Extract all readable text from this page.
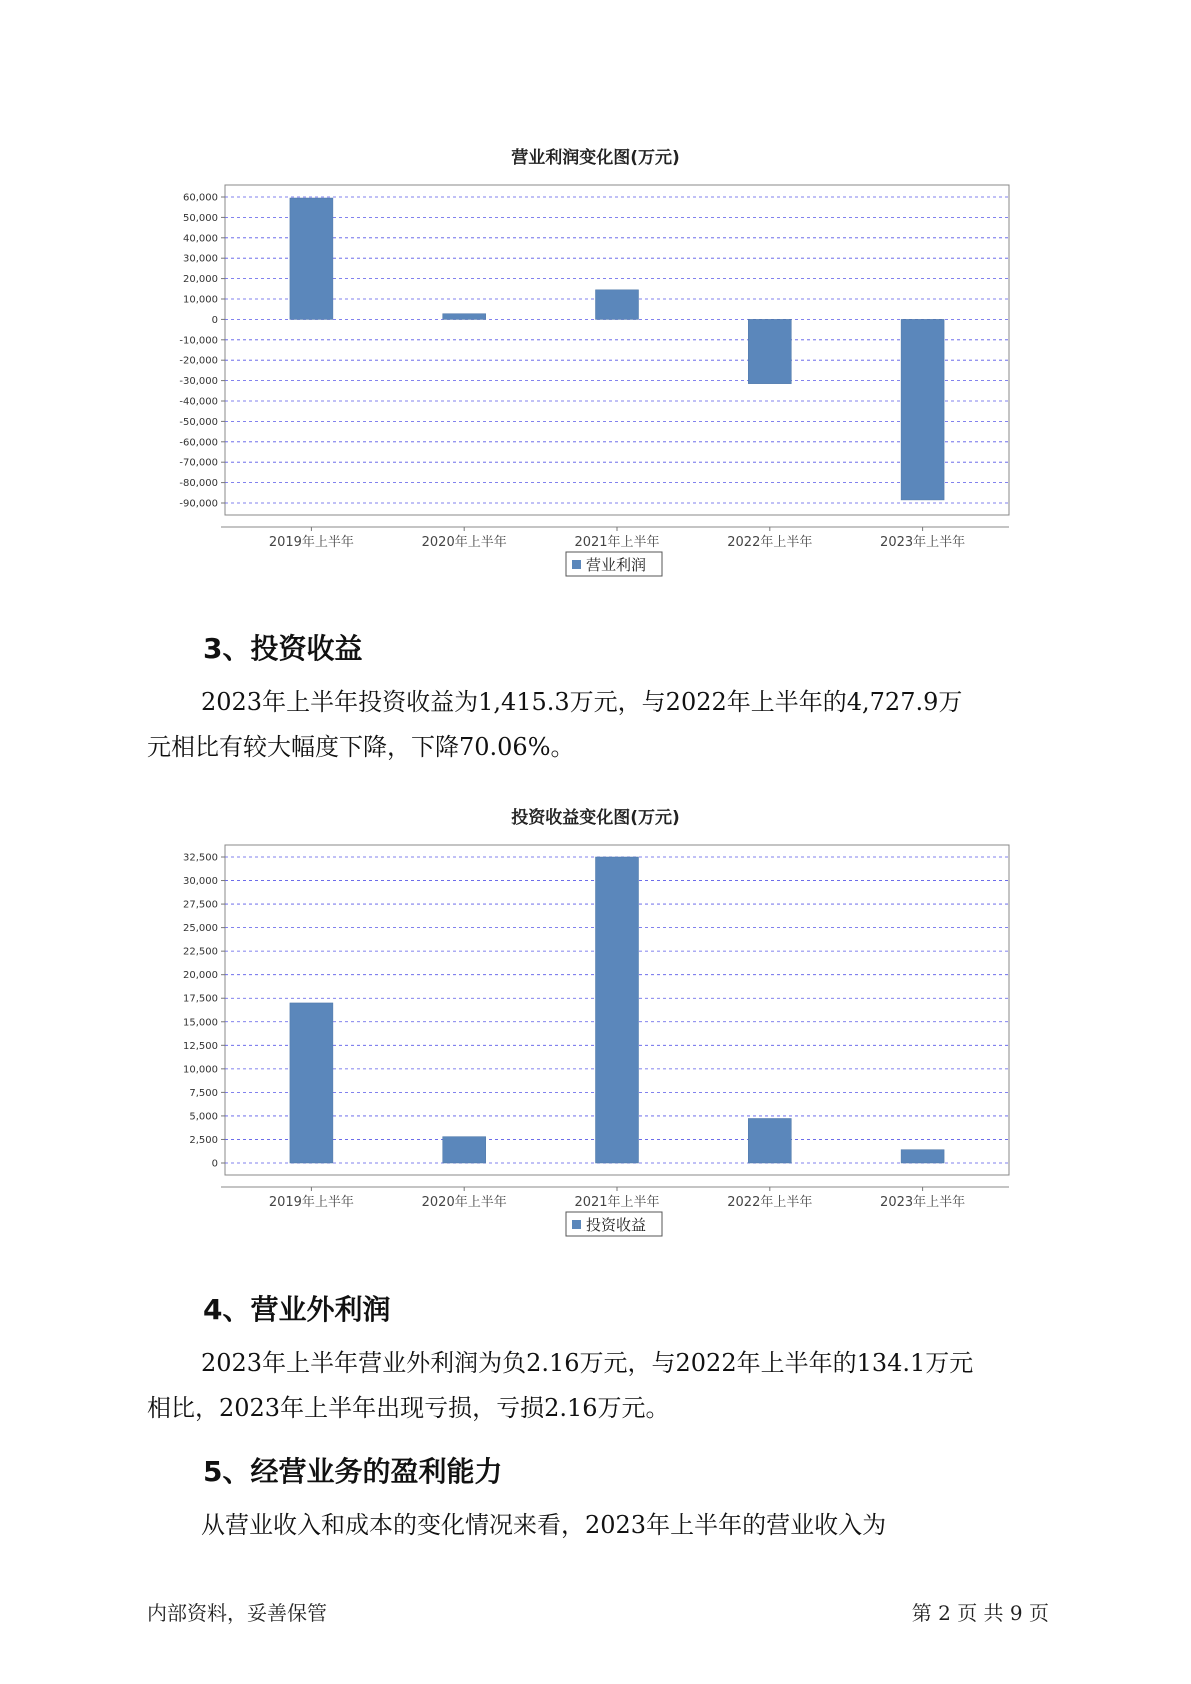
营业利润变化图(万元)
60,000
50,000
40,000
30,000
20,000
10,000
0
-10,000
-20,000
-30,000
-40,000
-50,000
-60,000
-70,000
-80,000
-90,000
2019年上半年	2020年上半年	2021年上半年	2022年上半年	2023年上半年
营业利润
3、投资收益
2023年上半年投资收益为1,415.3万元，与2022年上半年的4,727.9万
元相比有较大幅度下降，下降70.06%。
投资收益变化图(万元)
32,500
30,000
27,500
25,000
22,500
20,000
17,500
15,000
12,500
10,000
7,500
5,000
2,500
0
2019年上半年	2020年上半年	2021年上半年	2022年上半年	2023年上半年
投资收益
4、营业外利润
2023年上半年营业外利润为负2.16万元，与2022年上半年的134.1万元
相比，2023年上半年出现亏损，亏损2.16万元。
5、经营业务的盈利能力
从营业收入和成本的变化情况来看，2023年上半年的营业收入为
内部资料，妥善保管	第 2 页 共 9 页
